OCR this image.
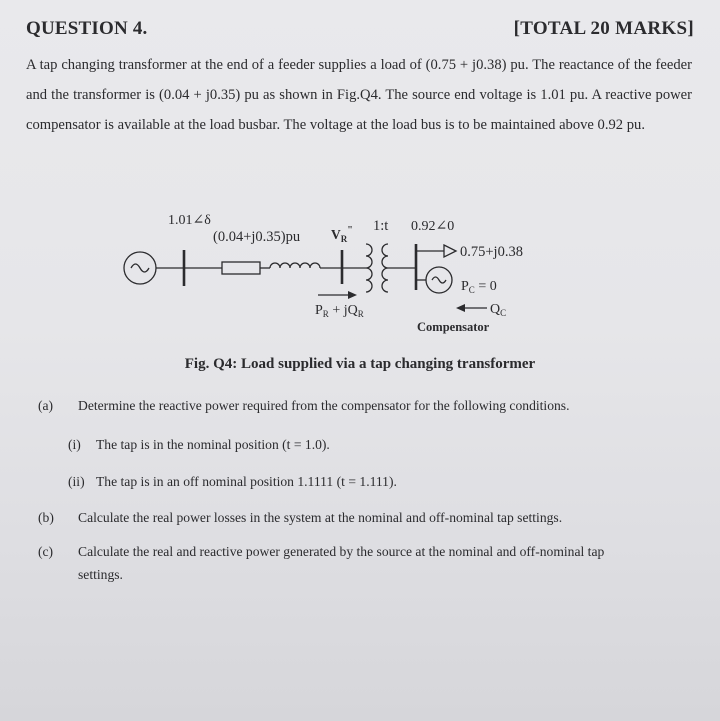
QUESTION 4.	[TOTAL 20 MARKS]
A tap changing transformer at the end of a feeder supplies a load of (0.75 + j0.38) pu. The reactance of the feeder and the transformer is (0.04 + j0.35) pu as shown in Fig.Q4. The source end voltage is 1.01 pu. A reactive power compensator is available at the load busbar. The voltage at the load bus is to be maintained above 0.92 pu.
1.01∠δ
(0.04+j0.35)pu $V_R^"$ 1:t 0.92∠0
0.75+j0.38
$P_R + jQ_R$
$P_C = 0$
$Q_C$
Compensator
Fig. Q4: Load supplied via a tap changing transformer
(a) Determine the reactive power required from the compensator for the following conditions.
(i) The tap is in the nominal position (t = 1.0).
(ii) The tap is in an off nominal position 1.1111 (t = 1.111).
(b) Calculate the real power losses in the system at the nominal and off-nominal tap settings.
(c) Calculate the real and reactive power generated by the source at the nominal and off-nominal tap
settings.
